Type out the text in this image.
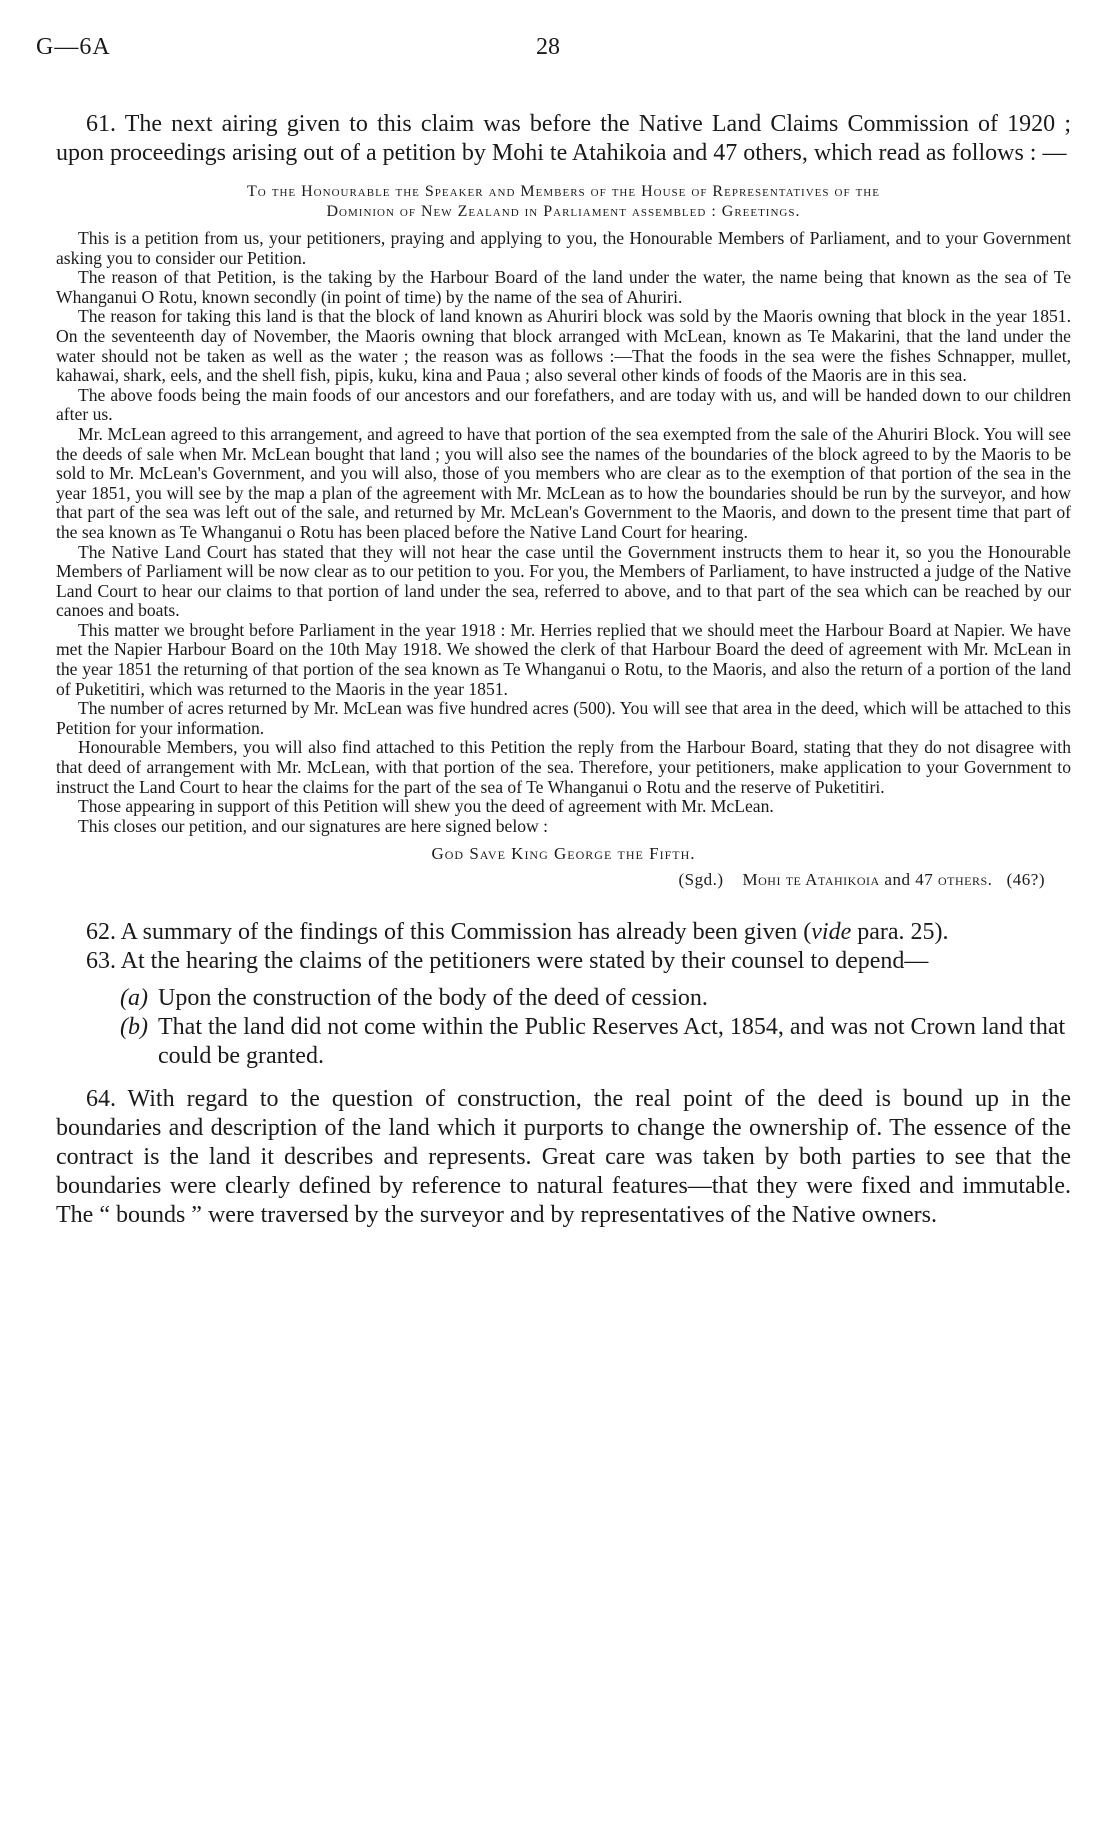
G—6A	28

61. The next airing given to this claim was before the Native Land Claims Commission of 1920 ; upon proceedings arising out of a petition by Mohi te Atahikoia and 47 others, which read as follows : —

To the Honourable the Speaker and Members of the House of Representatives of the
Dominion of New Zealand in Parliament assembled : Greetings.

This is a petition from us, your petitioners, praying and applying to you, the Honourable Members of Parliament, and to your Government asking you to consider our Petition.

The reason of that Petition, is the taking by the Harbour Board of the land under the water, the name being that known as the sea of Te Whanganui O Rotu, known secondly (in point of time) by the name of the sea of Ahuriri.

The reason for taking this land is that the block of land known as Ahuriri block was sold by the Maoris owning that block in the year 1851. On the seventeenth day of November, the Maoris owning that block arranged with McLean, known as Te Makarini, that the land under the water should not be taken as well as the water ; the reason was as follows :—That the foods in the sea were the fishes Schnapper, mullet, kahawai, shark, eels, and the shell fish, pipis, kuku, kina and Paua ; also several other kinds of foods of the Maoris are in this sea.

The above foods being the main foods of our ancestors and our forefathers, and are today with us, and will be handed down to our children after us.

Mr. McLean agreed to this arrangement, and agreed to have that portion of the sea exempted from the sale of the Ahuriri Block. You will see the deeds of sale when Mr. McLean bought that land ; you will also see the names of the boundaries of the block agreed to by the Maoris to be sold to Mr. McLean's Government, and you will also, those of you members who are clear as to the exemption of that portion of the sea in the year 1851, you will see by the map a plan of the agreement with Mr. McLean as to how the boundaries should be run by the surveyor, and how that part of the sea was left out of the sale, and returned by Mr. McLean's Government to the Maoris, and down to the present time that part of the sea known as Te Whanganui o Rotu has been placed before the Native Land Court for hearing.

The Native Land Court has stated that they will not hear the case until the Government instructs them to hear it, so you the Honourable Members of Parliament will be now clear as to our petition to you. For you, the Members of Parliament, to have instructed a judge of the Native Land Court to hear our claims to that portion of land under the sea, referred to above, and to that part of the sea which can be reached by our canoes and boats.

This matter we brought before Parliament in the year 1918 : Mr. Herries replied that we should meet the Harbour Board at Napier. We have met the Napier Harbour Board on the 10th May 1918. We showed the clerk of that Harbour Board the deed of agreement with Mr. McLean in the year 1851 the returning of that portion of the sea known as Te Whanganui o Rotu, to the Maoris, and also the return of a portion of the land of Puketitiri, which was returned to the Maoris in the year 1851.

The number of acres returned by Mr. McLean was five hundred acres (500). You will see that area in the deed, which will be attached to this Petition for your information.

Honourable Members, you will also find attached to this Petition the reply from the Harbour Board, stating that they do not disagree with that deed of arrangement with Mr. McLean, with that portion of the sea. Therefore, your petitioners, make application to your Government to instruct the Land Court to hear the claims for the part of the sea of Te Whanganui o Rotu and the reserve of Puketitiri.

Those appearing in support of this Petition will shew you the deed of agreement with Mr. McLean.

This closes our petition, and our signatures are here signed below :

God Save King George the Fifth.
(Sgd.) Mohi te Atahikoia and 47 others. (46?)

62. A summary of the findings of this Commission has already been given (vide para. 25).

63. At the hearing the claims of the petitioners were stated by their counsel to depend—

(a) Upon the construction of the body of the deed of cession.
(b) That the land did not come within the Public Reserves Act, 1854, and was not Crown land that could be granted.

64. With regard to the question of construction, the real point of the deed is bound up in the boundaries and description of the land which it purports to change the ownership of. The essence of the contract is the land it describes and represents. Great care was taken by both parties to see that the boundaries were clearly defined by reference to natural features—that they were fixed and immutable. The “ bounds ” were traversed by the surveyor and by representatives of the Native owners.
